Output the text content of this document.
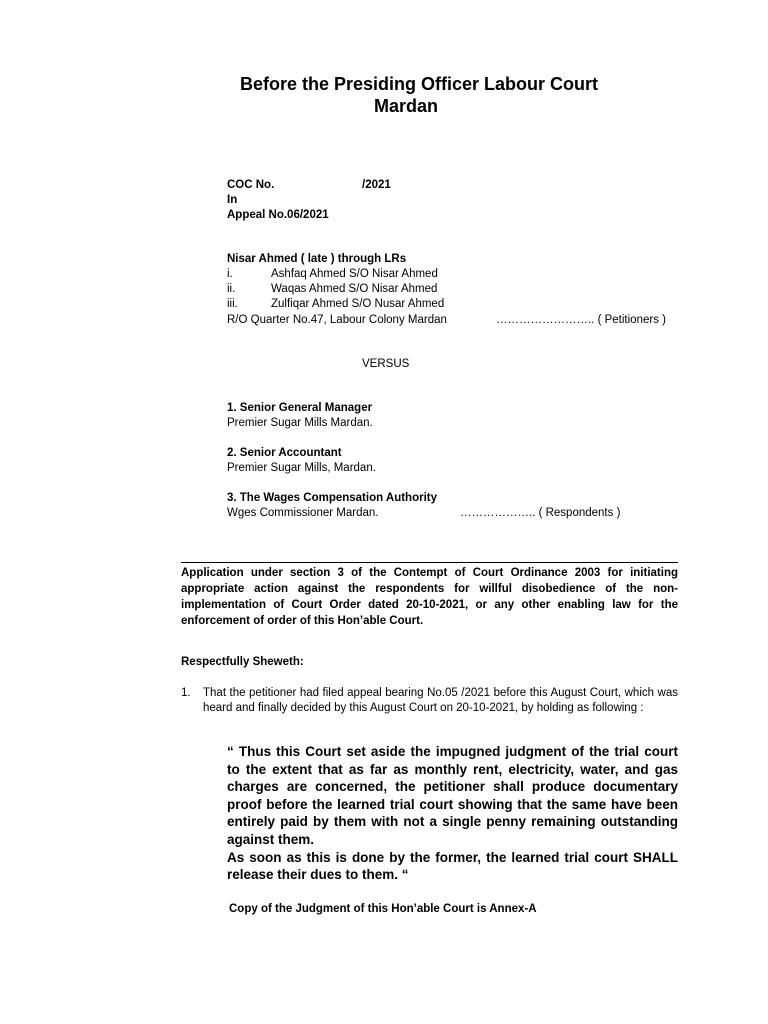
Before the Presiding Officer Labour Court
Mardan
COC No.	/2021
In
Appeal No.06/2021
Nisar Ahmed ( late ) through LRs
i.	Ashfaq Ahmed S/O Nisar Ahmed
ii.	Waqas Ahmed S/O Nisar Ahmed
iii.	Zulfiqar Ahmed S/O Nusar Ahmed
R/O Quarter No.47, Labour Colony Mardan	…………………….. ( Petitioners )
VERSUS
1. Senior General Manager
Premier Sugar Mills Mardan.
2. Senior Accountant
Premier Sugar Mills, Mardan.
3. The Wages Compensation Authority
Wges Commissioner Mardan.	……………….. ( Respondents )
Application under section 3 of the Contempt of Court Ordinance 2003 for initiating appropriate action against the respondents for willful disobedience of the non-implementation of Court Order dated 20-10-2021, or any other enabling law for the enforcement of order of this Hon’able Court.
Respectfully Sheweth:
1. That the petitioner had filed appeal bearing No.05 /2021 before this August Court, which was heard and finally decided by this August Court on 20-10-2021, by holding as following :

“ Thus this Court set aside the impugned judgment of the trial court to the extent that as far as monthly rent, electricity, water, and gas charges are concerned, the petitioner shall produce documentary proof before the learned trial court showing that the same have been entirely paid by them with not a single penny remaining outstanding against them.

As soon as this is done by the former, the learned trial court SHALL release their dues to them. “

Copy of the Judgment of this Hon’able Court is Annex-A
